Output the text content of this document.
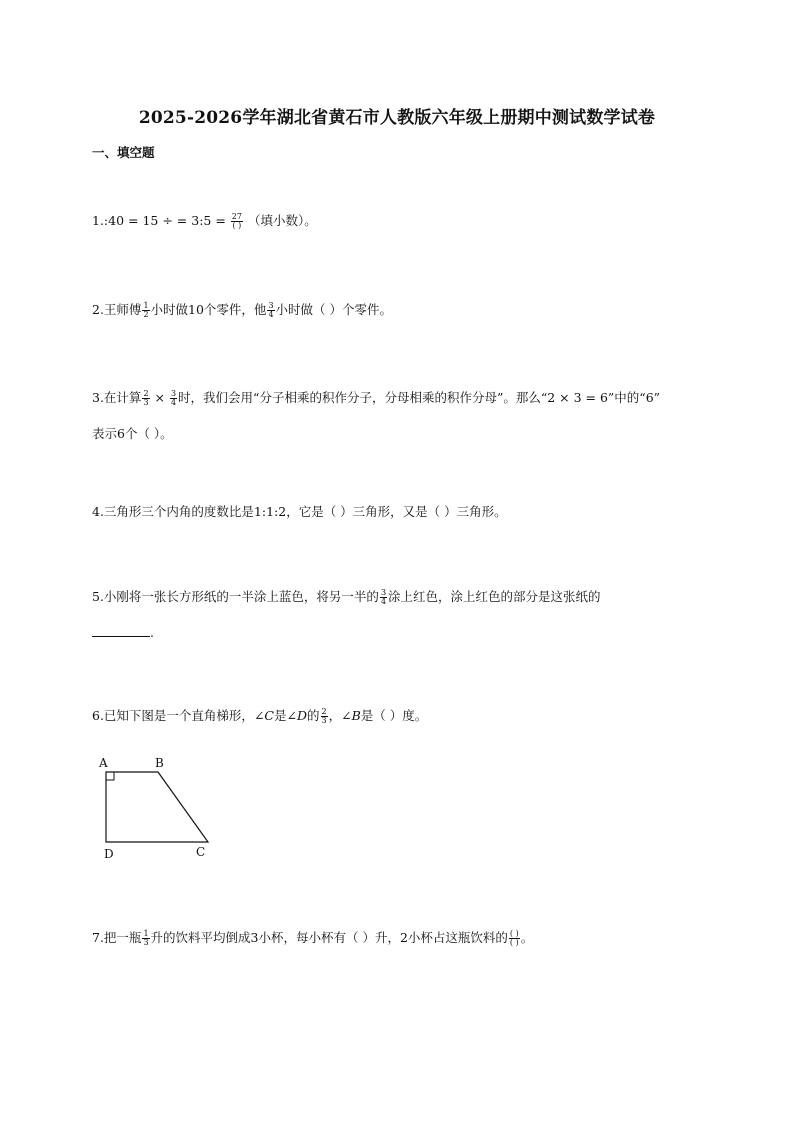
2025-2026学年湖北省黄石市人教版六年级上册期中测试数学试卷
一、填空题
1.:40 = 15 ÷ = 3:5 = $\frac{27}{( )}$ （填小数）。
2.王师傅 $\frac{1}{2}$ 小时做10个零件，他 $\frac{3}{4}$ 小时做（ ）个零件。
3.在计算 $\frac{2}{3} \times \frac{3}{4}$ 时，我们会用“分子相乘的积作分子，分母相乘的积作分母”。那么“2 × 3 = 6”中的“6”
表示6个（ ）。
4.三角形三个内角的度数比是1:1:2，它是（ ）三角形，又是（ ）三角形。
5.小刚将一张长方形纸的一半涂上蓝色，将另一半的 $\frac{3}{4}$ 涂上红色，涂上红色的部分是这张纸的
.
6.已知下图是一个直角梯形，∠C是∠D的 $\frac{2}{3}$ ，∠B是（ ）度。
A	B
D	C
7.把一瓶 $\frac{1}{3}$ 升的饮料平均倒成3小杯，每小杯有（ ）升，2小杯占这瓶饮料的 $\frac{( )}{( )}$ 。
